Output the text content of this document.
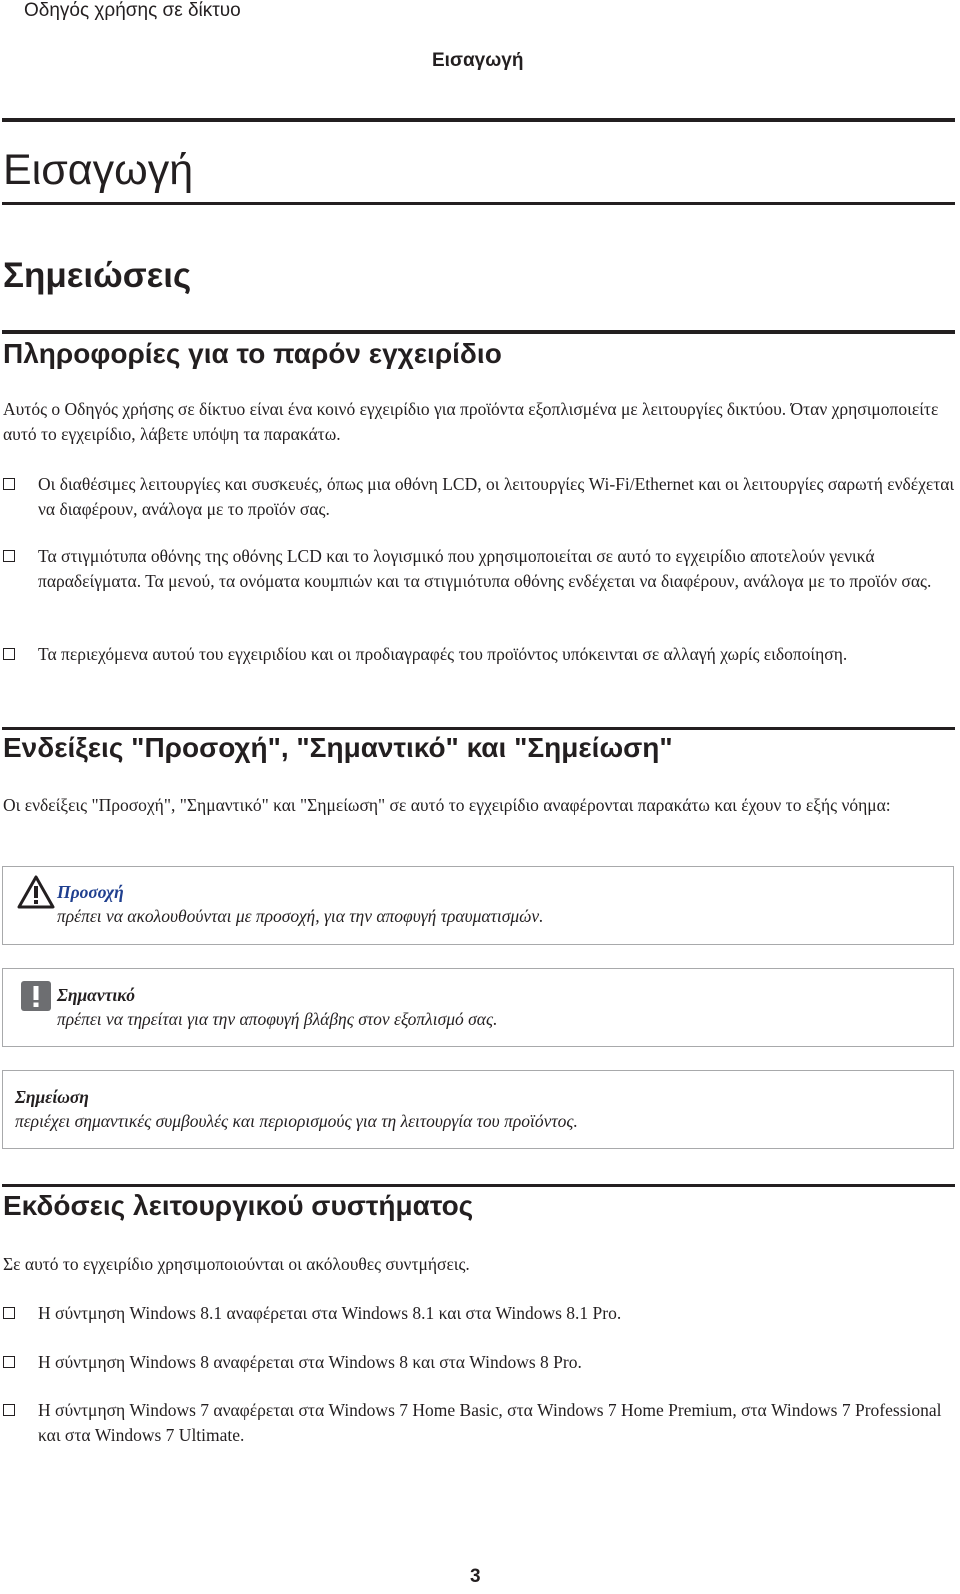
Οδηγός χρήσης σε δίκτυο
Εισαγωγή
Εισαγωγή
Σημειώσεις
Πληροφορίες για το παρόν εγχειρίδιο
Αυτός ο Οδηγός χρήσης σε δίκτυο είναι ένα κοινό εγχειρίδιο για προϊόντα εξοπλισμένα με λειτουργίες δικτύου. Όταν χρησιμοποιείτε αυτό το εγχειρίδιο, λάβετε υπόψη τα παρακάτω.
Οι διαθέσιμες λειτουργίες και συσκευές, όπως μια οθόνη LCD, οι λειτουργίες Wi-Fi/Ethernet και οι λειτουργίες σαρωτή ενδέχεται να διαφέρουν, ανάλογα με το προϊόν σας.
Τα στιγμιότυπα οθόνης της οθόνης LCD και το λογισμικό που χρησιμοποιείται σε αυτό το εγχειρίδιο αποτελούν γενικά παραδείγματα. Τα μενού, τα ονόματα κουμπιών και τα στιγμιότυπα οθόνης ενδέχεται να διαφέρουν, ανάλογα με το προϊόν σας.
Τα περιεχόμενα αυτού του εγχειριδίου και οι προδιαγραφές του προϊόντος υπόκεινται σε αλλαγή χωρίς ειδοποίηση.
Ενδείξεις "Προσοχή", "Σημαντικό" και "Σημείωση"
Οι ενδείξεις "Προσοχή", "Σημαντικό" και "Σημείωση" σε αυτό το εγχειρίδιο αναφέρονται παρακάτω και έχουν το εξής νόημα:
Προσοχή
πρέπει να ακολουθούνται με προσοχή, για την αποφυγή τραυματισμών.
Σημαντικό
πρέπει να τηρείται για την αποφυγή βλάβης στον εξοπλισμό σας.
Σημείωση
περιέχει σημαντικές συμβουλές και περιορισμούς για τη λειτουργία του προϊόντος.
Εκδόσεις λειτουργικού συστήματος
Σε αυτό το εγχειρίδιο χρησιμοποιούνται οι ακόλουθες συντμήσεις.
Η σύντμηση Windows 8.1 αναφέρεται στα Windows 8.1 και στα Windows 8.1 Pro.
Η σύντμηση Windows 8 αναφέρεται στα Windows 8 και στα Windows 8 Pro.
Η σύντμηση Windows 7 αναφέρεται στα Windows 7 Home Basic, στα Windows 7 Home Premium, στα Windows 7 Professional και στα Windows 7 Ultimate.
3
